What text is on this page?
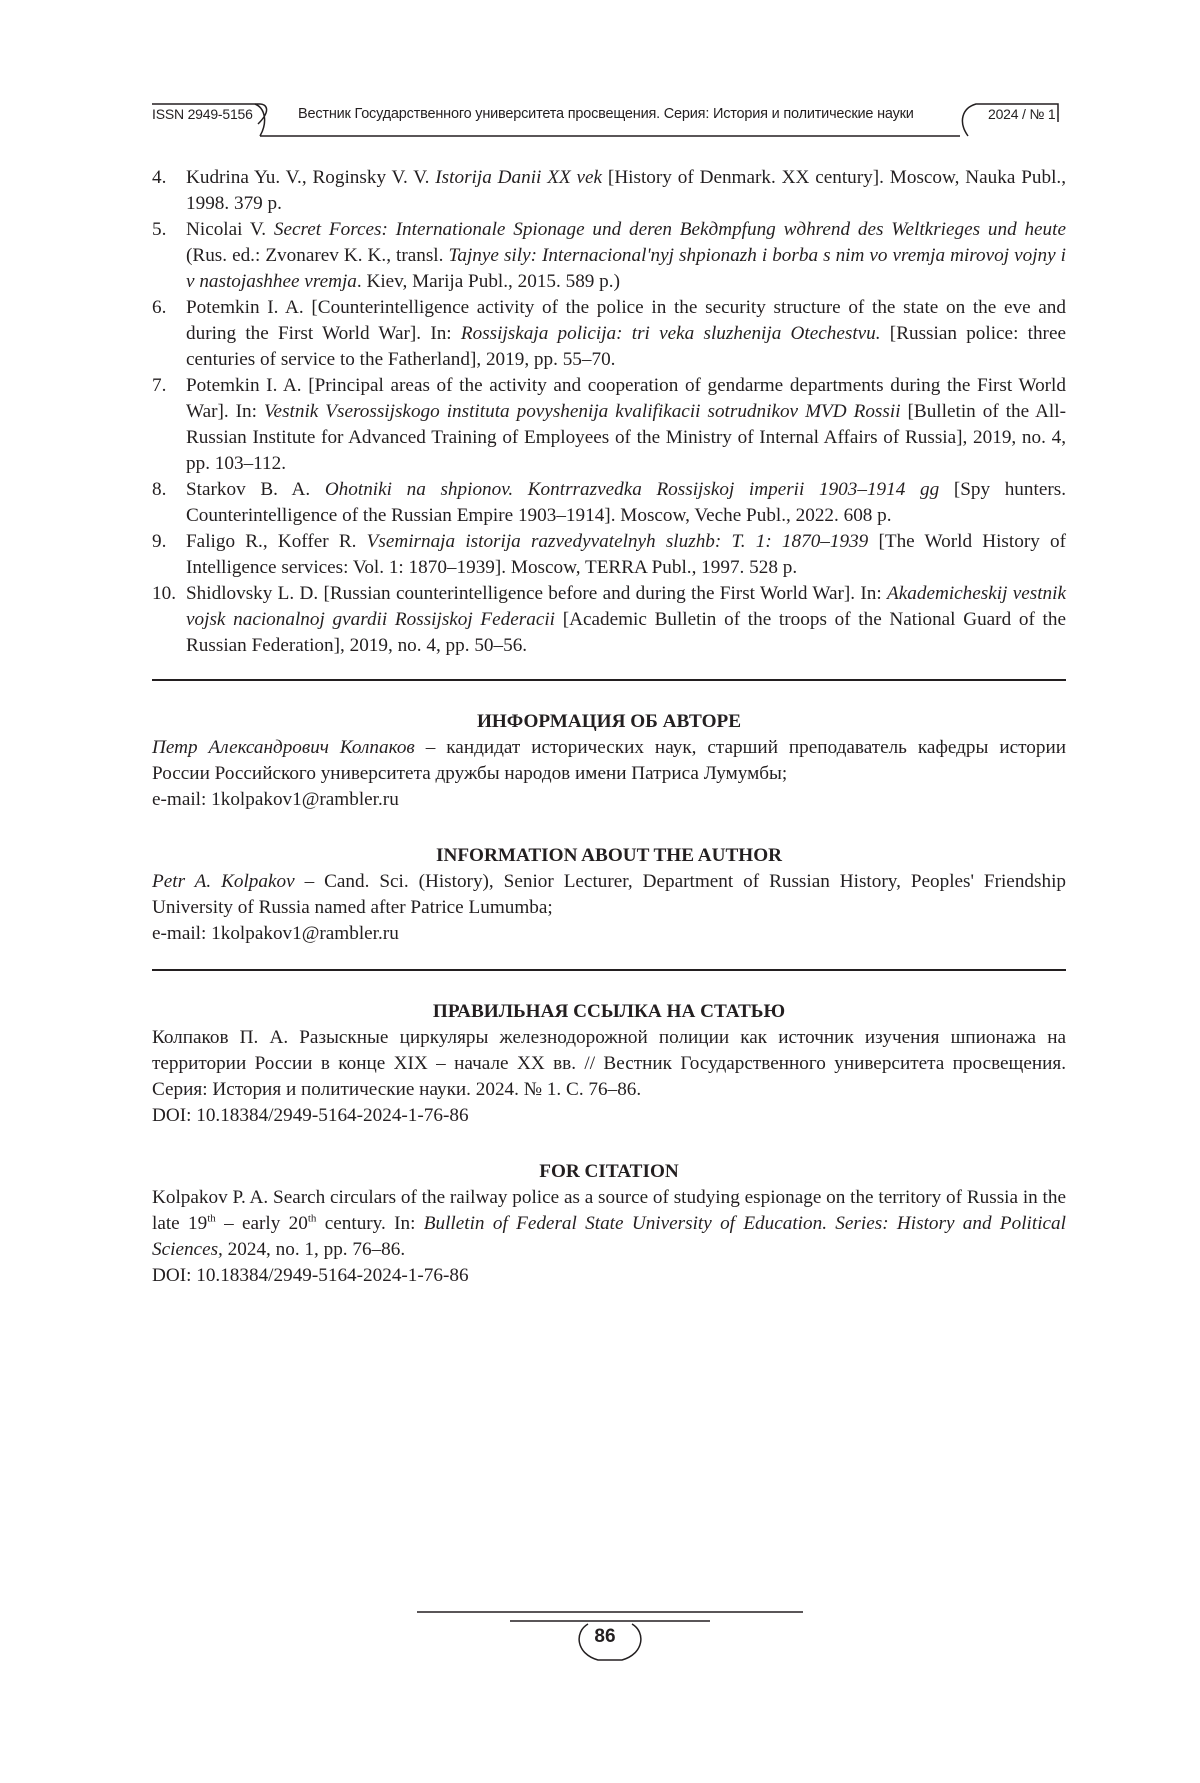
ISSN 2949-5156	Вестник Государственного университета просвещения. Серия: История и политические науки	2024 / № 1
4. Kudrina Yu. V., Roginsky V. V. Istorija Danii XX vek [History of Denmark. XX century]. Moscow, Nauka Publ., 1998. 379 p.
5. Nicolai V. Secret Forces: Internationale Spionage und deren Bekдmpfung wдhrend des Weltkrieges und heute (Rus. ed.: Zvonarev K. K., transl. Tajnye sily: Internacional'nyj shpionazh i borba s nim vo vremja mirovoj vojny i v nastojashhee vremja. Kiev, Marija Publ., 2015. 589 p.)
6. Potemkin I. A. [Counterintelligence activity of the police in the security structure of the state on the eve and during the First World War]. In: Rossijskaja policija: tri veka sluzhenija Otechestvu. [Russian police: three centuries of service to the Fatherland], 2019, pp. 55–70.
7. Potemkin I. A. [Principal areas of the activity and cooperation of gendarme departments during the First World War]. In: Vestnik Vserossijskogo instituta povyshenija kvalifikacii sotrudnikov MVD Rossii [Bulletin of the All-Russian Institute for Advanced Training of Employees of the Ministry of Internal Affairs of Russia], 2019, no. 4, pp. 103–112.
8. Starkov B. A. Ohotniki na shpionov. Kontrrazvedka Rossijskoj imperii 1903–1914 gg [Spy hunters. Counterintelligence of the Russian Empire 1903–1914]. Moscow, Veche Publ., 2022. 608 p.
9. Faligo R., Koffer R. Vsemirnaja istorija razvedyvatelnyh sluzhb: T. 1: 1870–1939 [The World History of Intelligence services: Vol. 1: 1870–1939]. Moscow, TERRA Publ., 1997. 528 p.
10. Shidlovsky L. D. [Russian counterintelligence before and during the First World War]. In: Akademicheskij vestnik vojsk nacionalnoj gvardii Rossijskoj Federacii [Academic Bulletin of the troops of the National Guard of the Russian Federation], 2019, no. 4, pp. 50–56.
ИНФОРМАЦИЯ ОБ АВТОРЕ
Петр Александрович Колпаков – кандидат исторических наук, старший преподаватель кафедры истории России Российского университета дружбы народов имени Патриса Лумумбы;
e-mail: 1kolpakov1@rambler.ru
INFORMATION ABOUT THE AUTHOR
Petr A. Kolpakov – Cand. Sci. (History), Senior Lecturer, Department of Russian History, Peoples' Friendship University of Russia named after Patrice Lumumba;
e-mail: 1kolpakov1@rambler.ru
ПРАВИЛЬНАЯ ССЫЛКА НА СТАТЬЮ
Колпаков П. А. Разыскные циркуляры железнодорожной полиции как источник изучения шпионажа на территории России в конце XIX – начале XX вв. // Вестник Государственного университета просвещения. Серия: История и политические науки. 2024. № 1. С. 76–86.
DOI: 10.18384/2949-5164-2024-1-76-86
FOR CITATION
Kolpakov P. A. Search circulars of the railway police as a source of studying espionage on the territory of Russia in the late 19th – early 20th century. In: Bulletin of Federal State University of Education. Series: History and Political Sciences, 2024, no. 1, pp. 76–86.
DOI: 10.18384/2949-5164-2024-1-76-86
86
